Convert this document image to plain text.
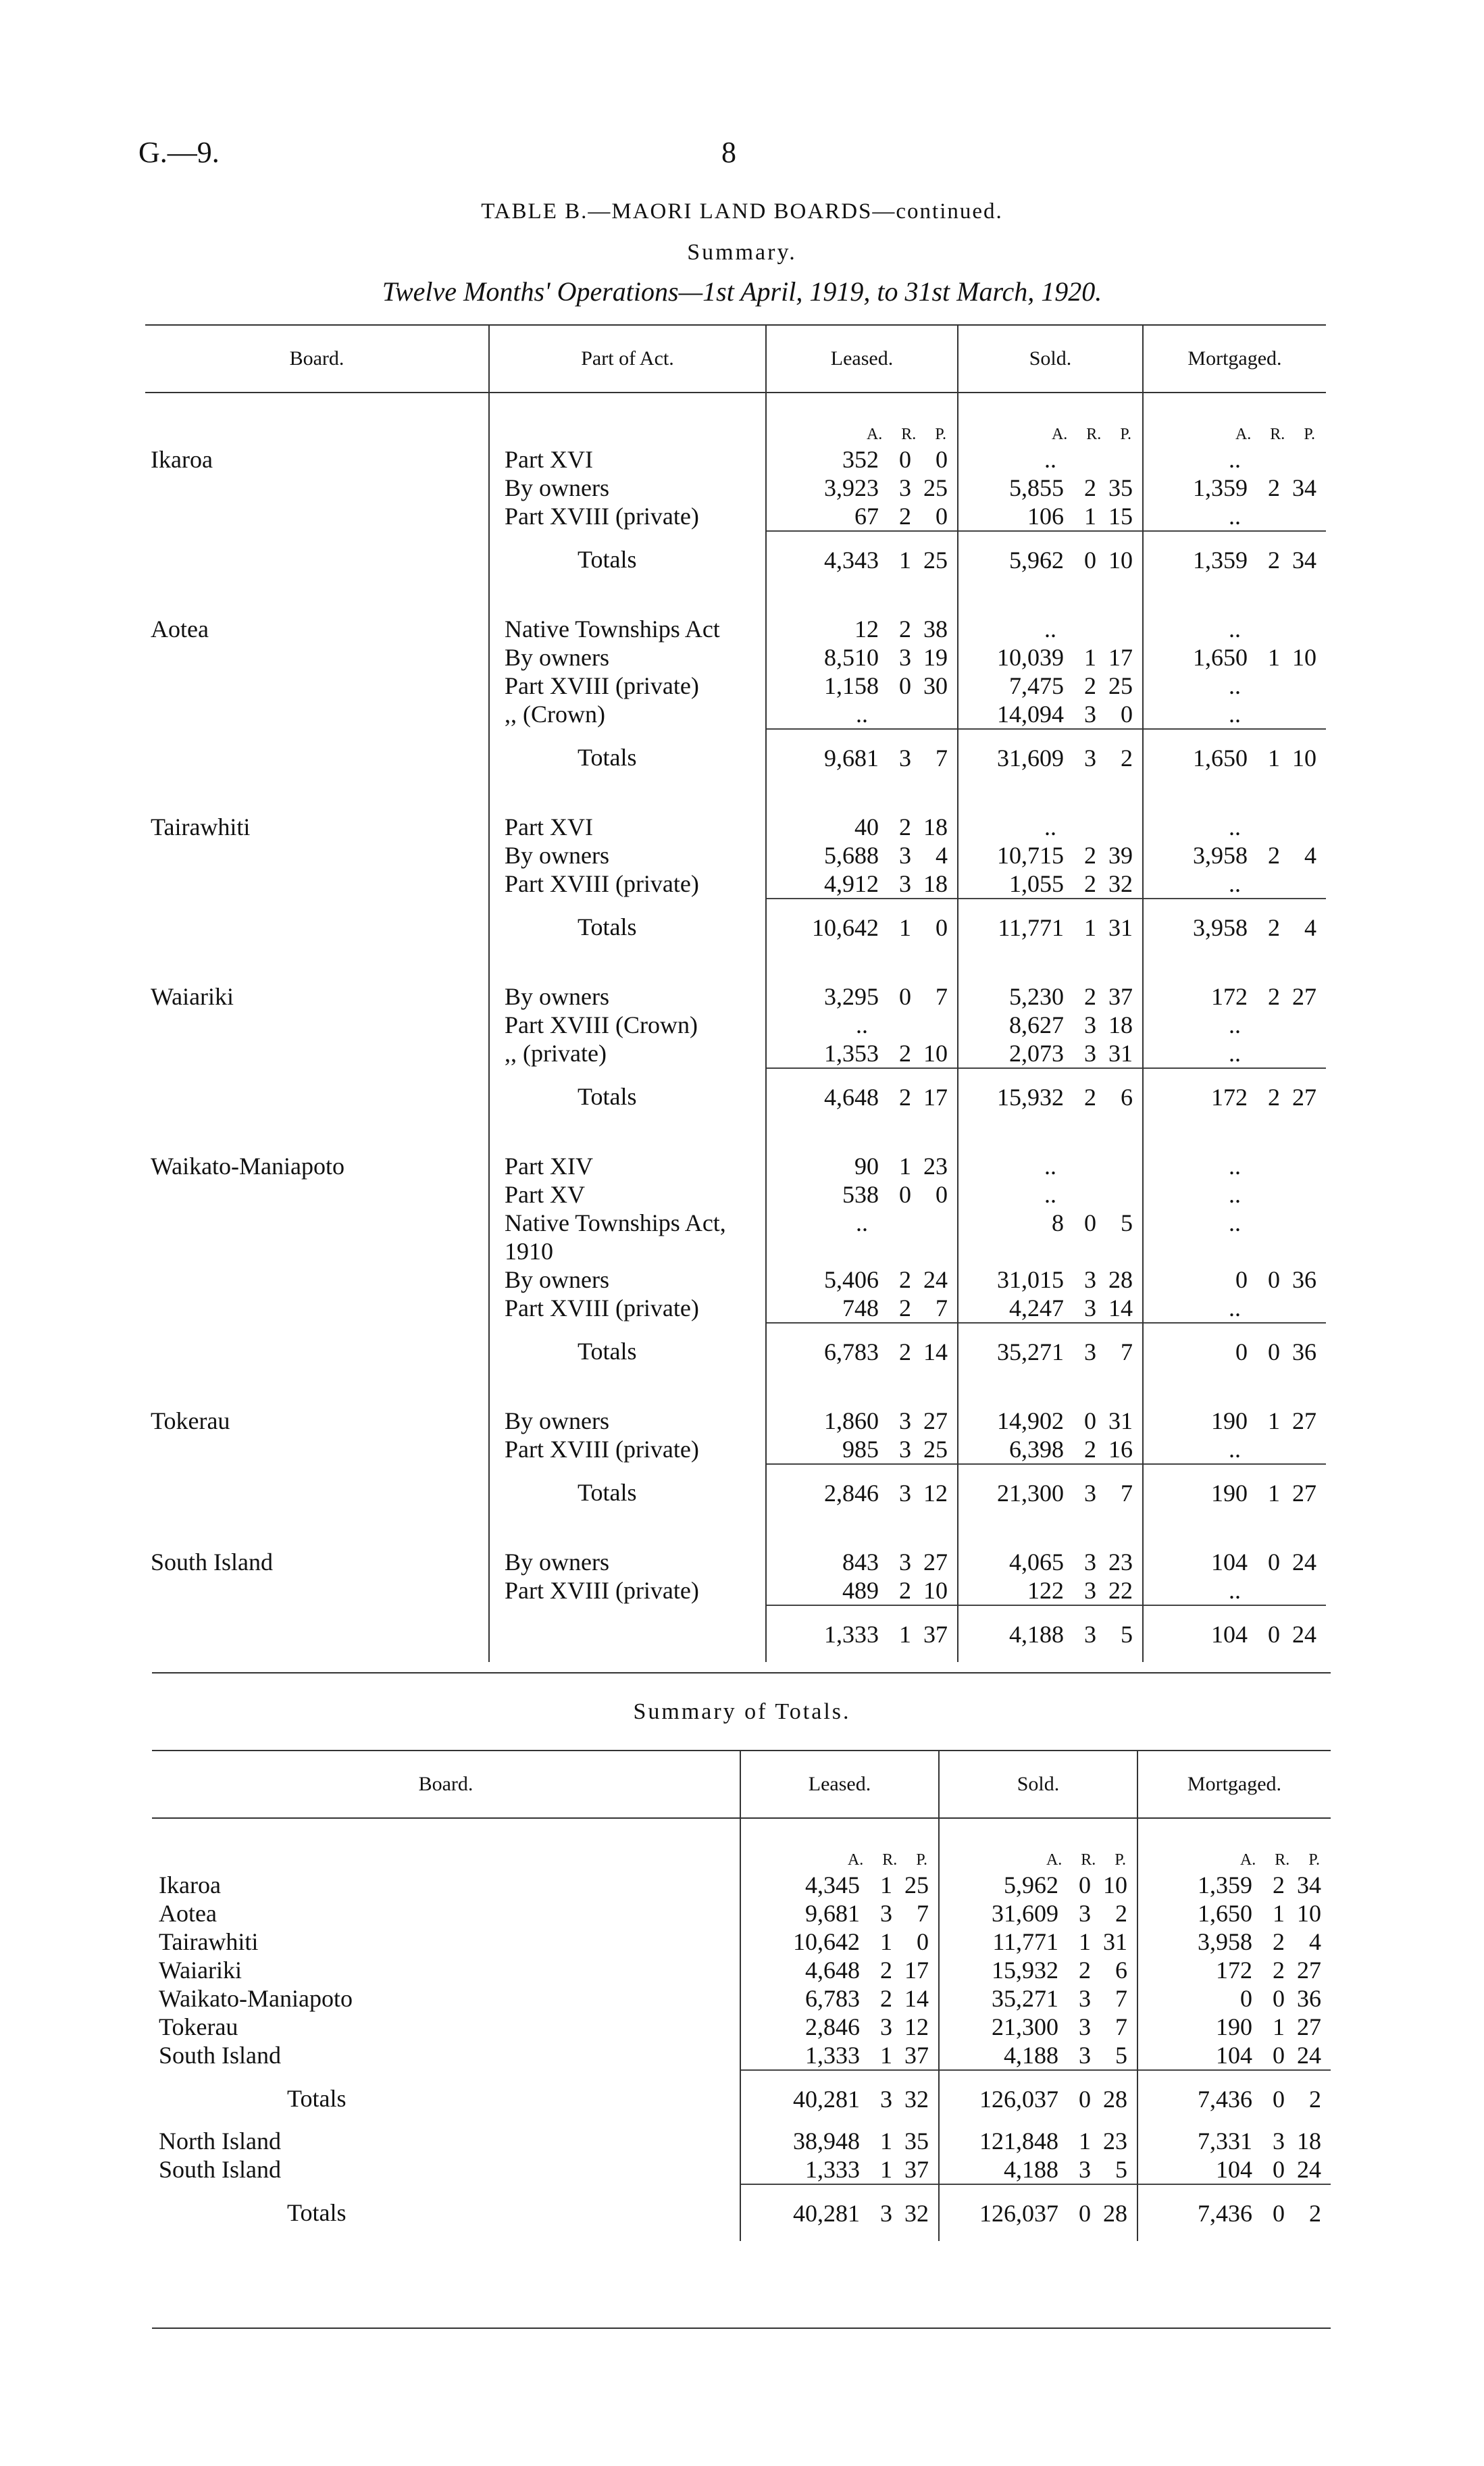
G.—9.	8
TABLE B.—MAORI LAND BOARDS—continued.
Summary.
Twelve Months' Operations—1st April, 1919, to 31st March, 1920.
Board.	Part of Act.	Leased.	Sold.	Mortgaged.

		A. R. P.	A. R. P.	A. R. P.

Ikaroa	Part XVI	352 0 0	..	..

	By owners	3,923 3 25	5,855 2 35	1,359 2 34

	Part XVIII (private)	67 2 0	106 1 15	..

	Totals	4,343 1 25	5,962 0 10	1,359 2 34

Aotea	Native Townships Act	12 2 38	..	..

	By owners	8,510 3 19	10,039 1 17	1,650 1 10

	Part XVIII (private)	1,158 0 30	7,475 2 25	..

	,, (Crown)	..	14,094 3 0	..

	Totals	9,681 3 7	31,609 3 2	1,650 1 10

Tairawhiti	Part XVI	40 2 18	..	..

	By owners	5,688 3 4	10,715 2 39	3,958 2 4

	Part XVIII (private)	4,912 3 18	1,055 2 32	..

	Totals	10,642 1 0	11,771 1 31	3,958 2 4

Waiariki	By owners	3,295 0 7	5,230 2 37	172 2 27

	Part XVIII (Crown)	..	8,627 3 18	..

	,, (private)	1,353 2 10	2,073 3 31	..

	Totals	4,648 2 17	15,932 2 6	172 2 27

Waikato-Maniapoto	Part XIV	90 1 23	..	..

	Part XV	538 0 0	..	..

	Native Townships Act,	..	8 0 5	..

	1910			
	By owners	5,406 2 24	31,015 3 28	0 0 36

	Part XVIII (private)	748 2 7	4,247 3 14	..

	Totals	6,783 2 14	35,271 3 7	0 0 36

Tokerau	By owners	1,860 3 27	14,902 0 31	190 1 27

	Part XVIII (private)	985 3 25	6,398 2 16	..

	Totals	2,846 3 12	21,300 3 7	190 1 27

South Island	By owners	843 3 27	4,065 3 23	104 0 24

	Part XVIII (private)	489 2 10	122 3 22	..

		1,333 1 37	4,188 3 5	104 0 24
Summary of Totals.
Board.	Leased.	Sold.	Mortgaged.

	A. R. P.	A. R. P.	A. R. P.

Ikaroa	4,345 1 25	5,962 0 10	1,359 2 34

Aotea	9,681 3 7	31,609 3 2	1,650 1 10

Tairawhiti	10,642 1 0	11,771 1 31	3,958 2 4

Waiariki	4,648 2 17	15,932 2 6	172 2 27

Waikato-Maniapoto	6,783 2 14	35,271 3 7	0 0 36

Tokerau	2,846 3 12	21,300 3 7	190 1 27

South Island	1,333 1 37	4,188 3 5	104 0 24

Totals	40,281 3 32	126,037 0 28	7,436 0 2

North Island	38,948 1 35	121,848 1 23	7,331 3 18

South Island	1,333 1 37	4,188 3 5	104 0 24

Totals	40,281 3 32	126,037 0 28	7,436 0 2
